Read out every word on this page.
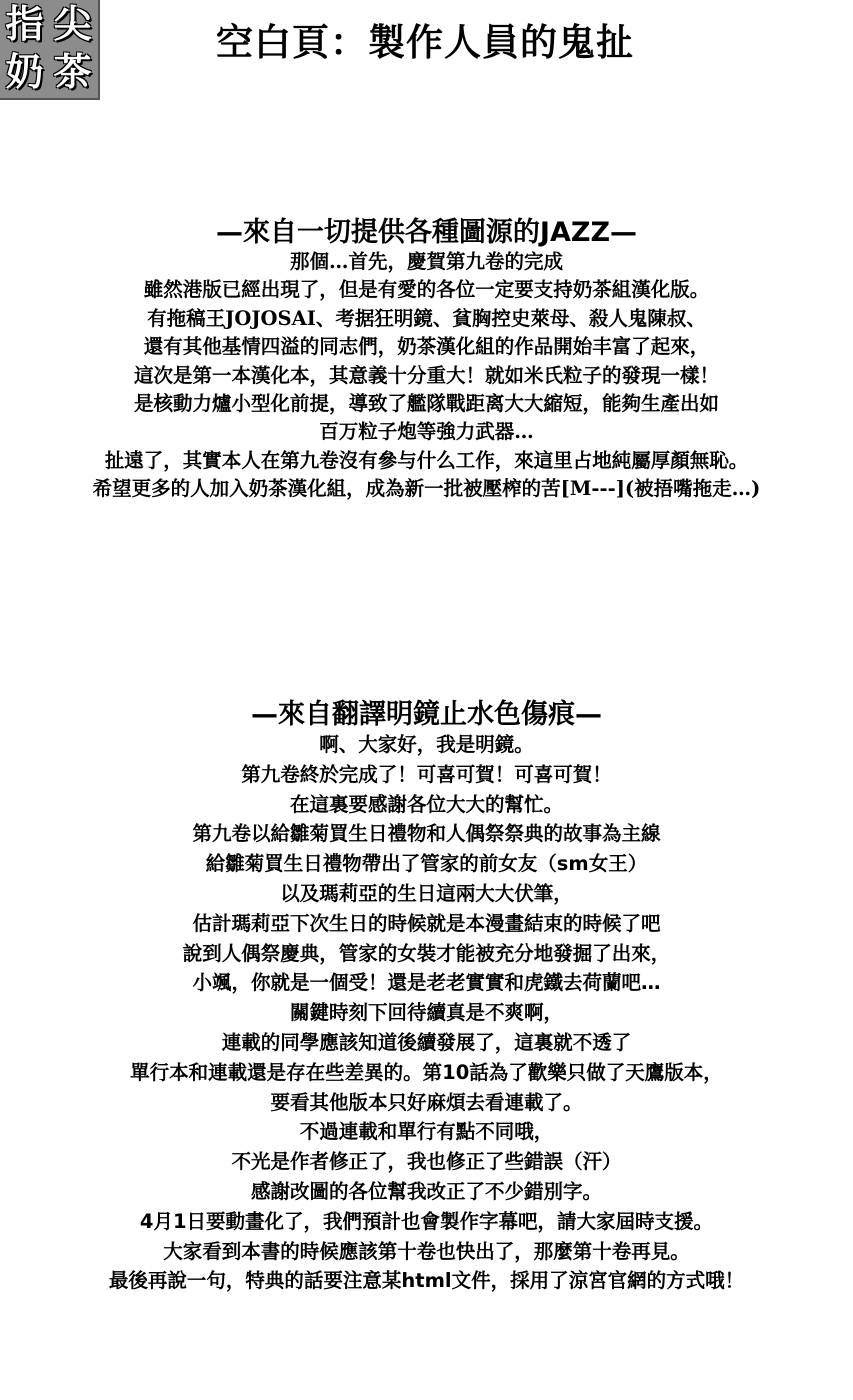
指 尖
奶 茶
空白頁：製作人員的鬼扯
—來自一切提供各種圖源的JAZZ—
那個…首先，慶賀第九卷的完成
雖然港版已經出現了，但是有愛的各位一定要支持奶茶組漢化版。
有拖稿王JOJOSAI、考据狂明鏡、貧胸控史萊母、殺人鬼陳叔、
還有其他基情四溢的同志們，奶茶漢化組的作品開始丰富了起來，
這次是第一本漢化本，其意義十分重大！就如米氏粒子的發現一樣！
是核動力爐小型化前提，導致了艦隊戰距离大大縮短，能夠生產出如
百万粒子炮等強力武器…
扯遠了，其實本人在第九卷沒有參与什么工作，來這里占地純屬厚顏無恥。
希望更多的人加入奶茶漢化組，成為新一批被壓榨的苦[M---](被捂嘴拖走…)
—來自翻譯明鏡止水色傷痕—
啊、大家好，我是明鏡。
第九卷終於完成了！可喜可賀！可喜可賀！
在這裏要感謝各位大大的幫忙。
第九卷以給雛菊買生日禮物和人偶祭祭典的故事為主線
給雛菊買生日禮物帶出了管家的前女友（sm女王）
以及瑪莉亞的生日這兩大大伏筆，
估計瑪莉亞下次生日的時候就是本漫畫結束的時候了吧
說到人偶祭慶典，管家的女裝才能被充分地發掘了出來，
小颯，你就是一個受！還是老老實實和虎鐵去荷蘭吧…
關鍵時刻下回待續真是不爽啊，
連載的同學應該知道後續發展了，這裏就不透了
單行本和連載還是存在些差異的。第10話為了歡樂只做了天鷹版本，
要看其他版本只好麻煩去看連載了。
不過連載和單行有點不同哦，
不光是作者修正了，我也修正了些錯誤（汗）
感謝改圖的各位幫我改正了不少錯別字。
4月1日要動畫化了，我們預計也會製作字幕吧，請大家屆時支援。
大家看到本書的時候應該第十卷也快出了，那麼第十卷再見。
最後再說一句，特典的話要注意某html文件，採用了涼宮官網的方式哦！
